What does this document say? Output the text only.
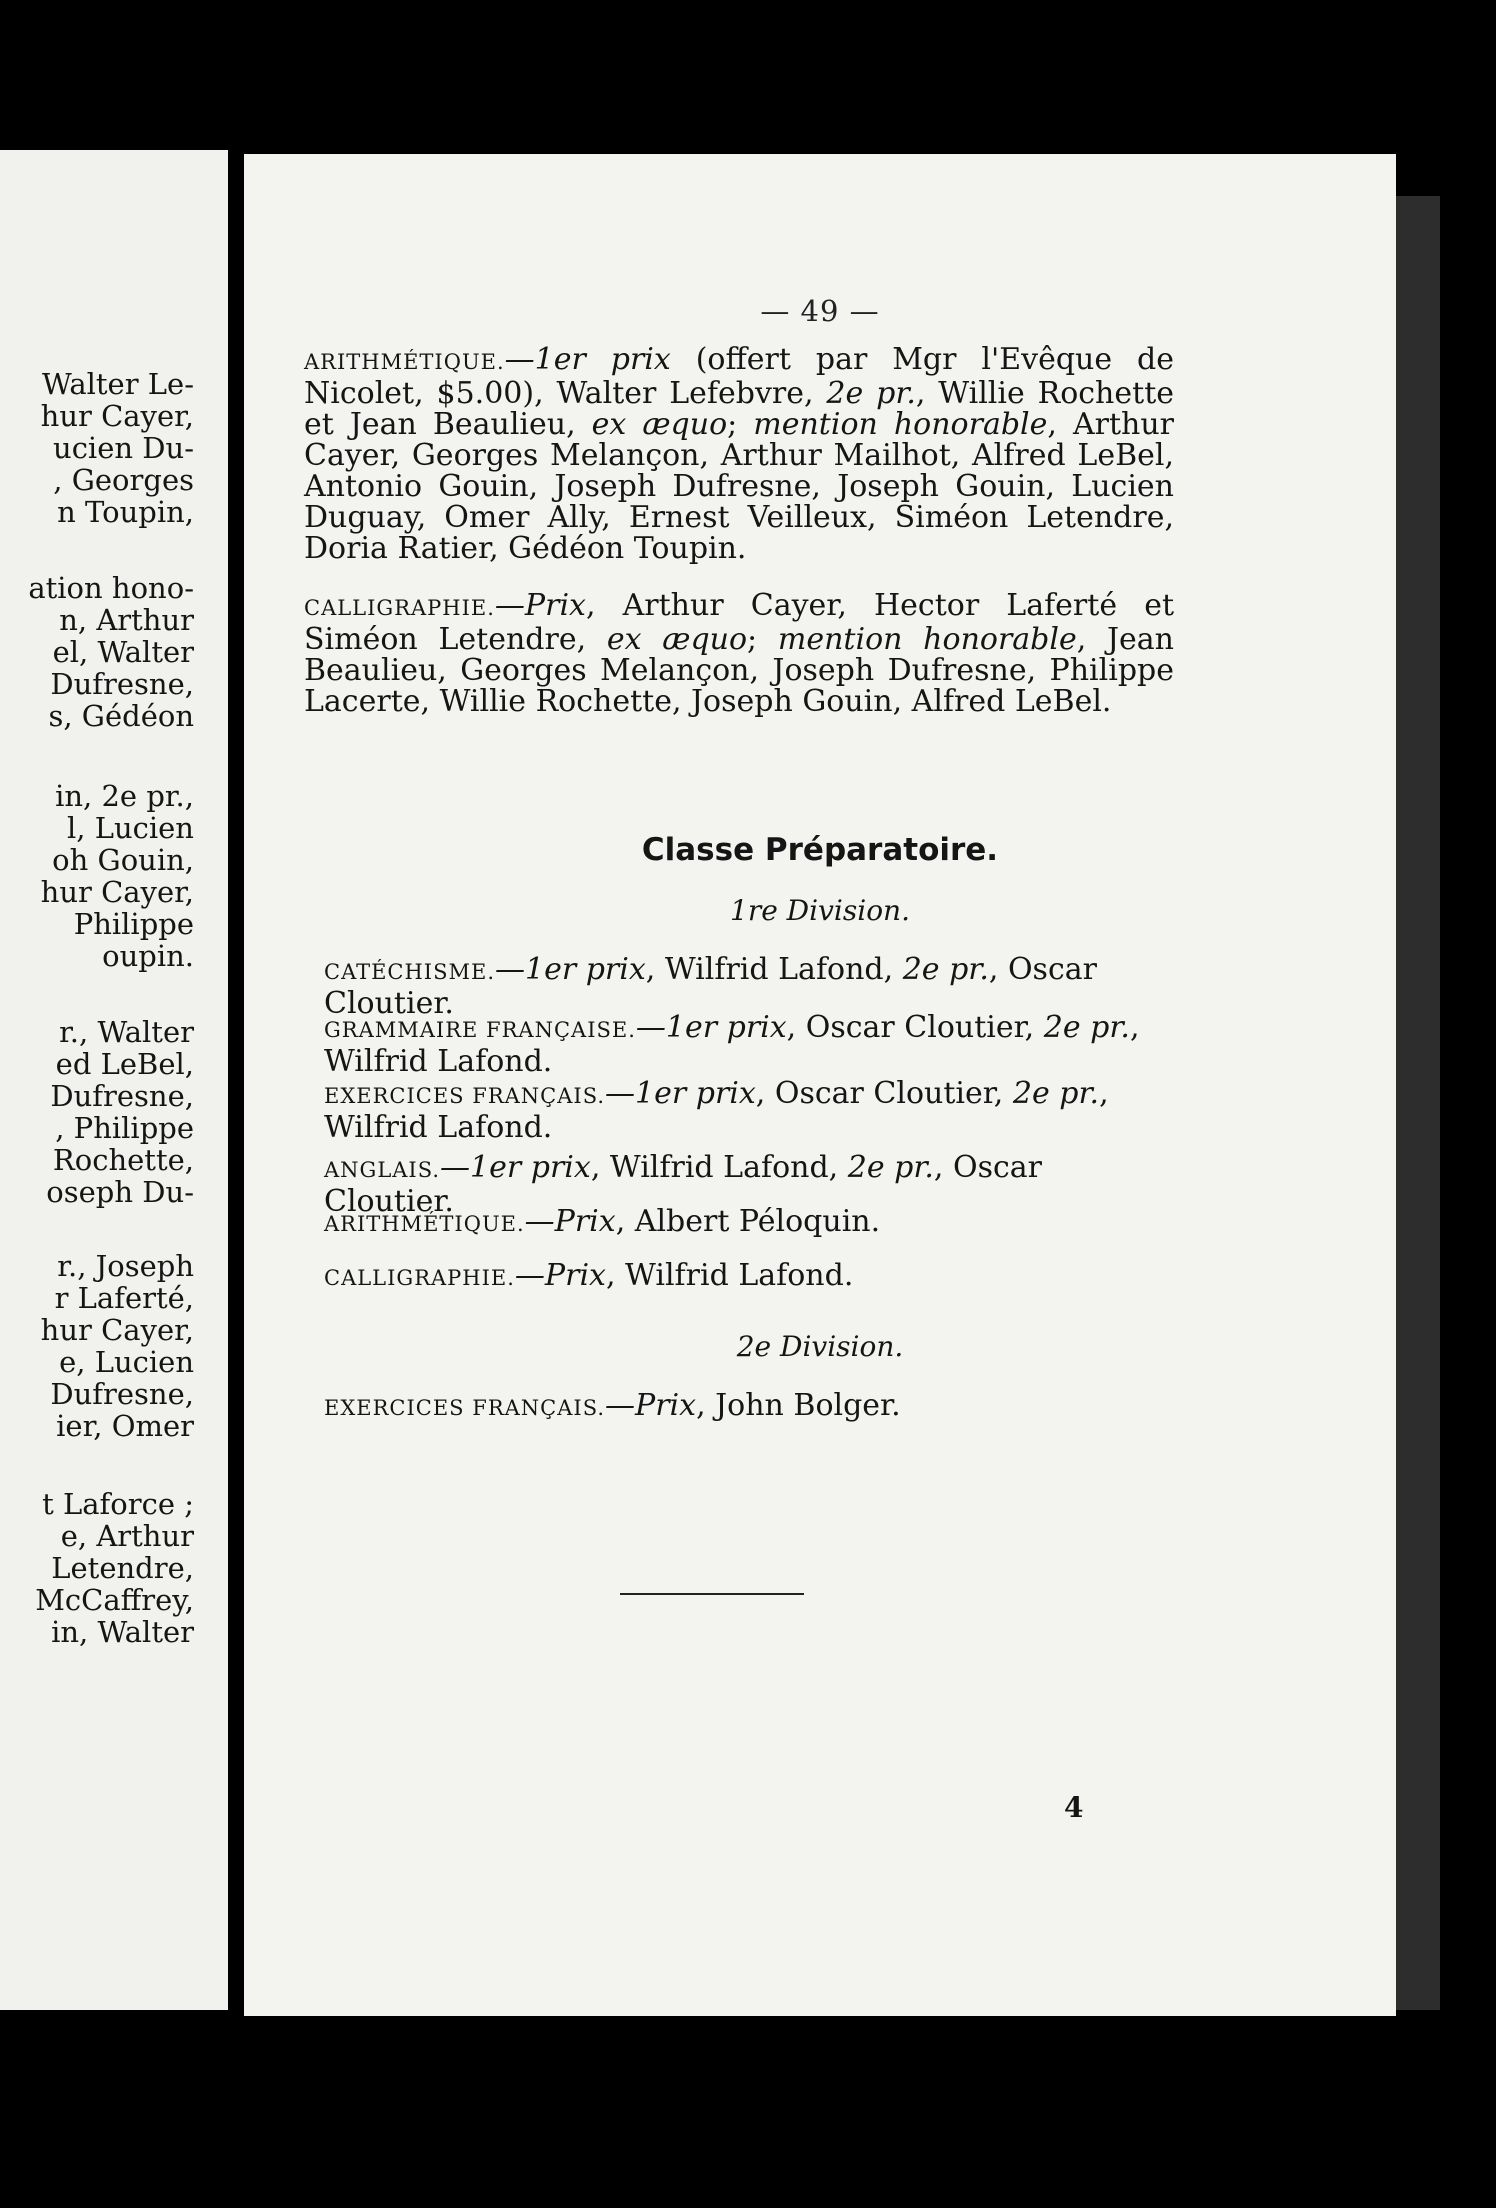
Walter Le-
hur Cayer,
ucien Du-
, Georges
n Toupin,
ation hono-
n, Arthur
el, Walter
Dufresne,
s, Gédéon
in, 2e pr.,
l, Lucien
oh Gouin,
hur Cayer,
Philippe
oupin.
r., Walter
ed LeBel,
Dufresne,
, Philippe
Rochette,
oseph Du-
r., Joseph
r Laferté,
hur Cayer,
e, Lucien
Dufresne,
ier, Omer
t Laforce ;
e, Arthur
Letendre,
McCaffrey,
in, Walter
— 49 —

ARITHMÉTIQUE.—1er prix (offert par Mgr l'Evêque de Nicolet, $5.00), Walter Lefebvre, 2e pr., Willie Rochette et Jean Beaulieu, ex æquo; mention honorable, Arthur Cayer, Georges Melançon, Arthur Mailhot, Alfred LeBel, Antonio Gouin, Joseph Dufresne, Joseph Gouin, Lucien Duguay, Omer Ally, Ernest Veilleux, Siméon Letendre, Doria Ratier, Gédéon Toupin.

CALLIGRAPHIE.—Prix, Arthur Cayer, Hector Laferté et Siméon Letendre, ex æquo; mention honorable, Jean Beaulieu, Georges Melançon, Joseph Dufresne, Philippe Lacerte, Willie Rochette, Joseph Gouin, Alfred LeBel.

Classe Préparatoire.
1re Division.
CATÉCHISME.—1er prix, Wilfrid Lafond, 2e pr., Oscar Cloutier.
GRAMMAIRE FRANÇAISE.—1er prix, Oscar Cloutier, 2e pr., Wilfrid Lafond.
EXERCICES FRANÇAIS.—1er prix, Oscar Cloutier, 2e pr., Wilfrid Lafond.
ANGLAIS.—1er prix, Wilfrid Lafond, 2e pr., Oscar Cloutier.
ARITHMÉTIQUE.—Prix, Albert Péloquin.
CALLIGRAPHIE.—Prix, Wilfrid Lafond.
2e Division.
EXERCICES FRANÇAIS.—Prix, John Bolger.
4
